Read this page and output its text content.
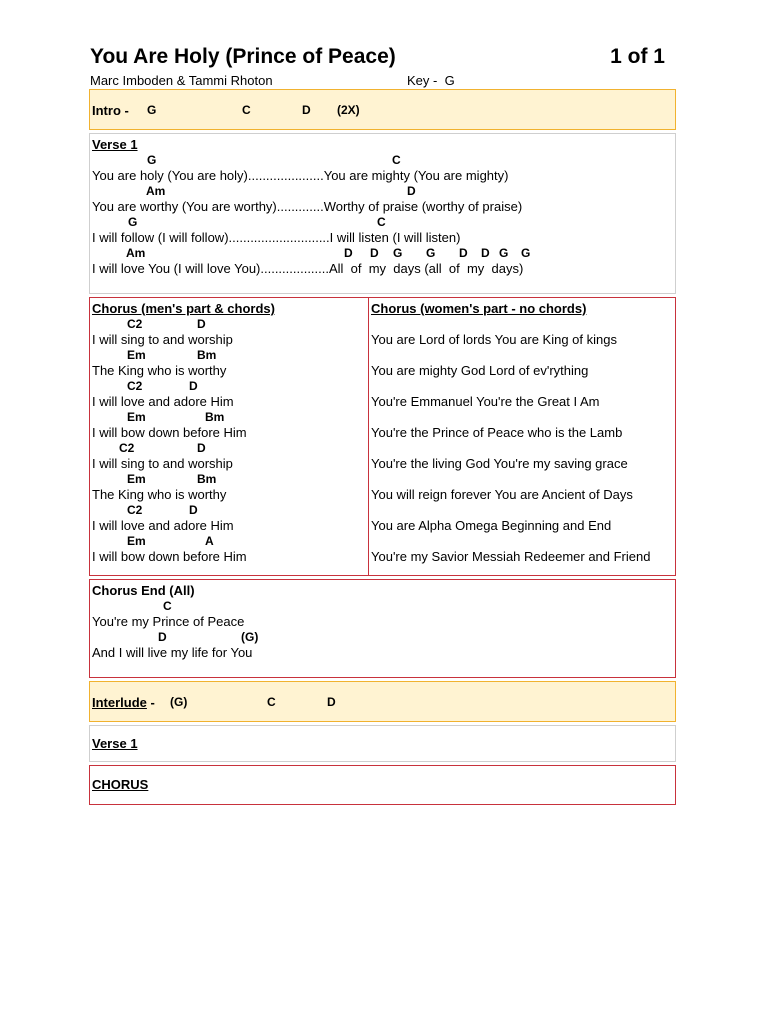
You Are Holy (Prince of Peace)	1 of 1
Marc Imboden & Tammi Rhoton	Key - G
Intro - G	C	D (2X)
Verse 1
G	C
You are holy (You are holy).....................You are mighty (You are mighty)
Am	D
You are worthy (You are worthy).............Worthy of praise (worthy of praise)
G	C
I will follow (I will follow)............................I will listen (I will listen)
Am	D D G G D D G G
I will love You (I will love You)...................All  of  my  days (all  of  my  days)
Chorus (men's part & chords)
C2	D
I will sing to and worship
Em	Bm
The King who is worthy
C2	D
I will love and adore Him
Em	Bm
I will bow down before Him
C2	D
I will sing to and worship
Em	Bm
The King who is worthy
C2	D
I will love and adore Him
Em	A
I will bow down before Him
Chorus (women's part - no chords)
You are Lord of lords You are King of kings
You are mighty God Lord of ev'rything
You're Emmanuel You're the Great I Am
You're the Prince of Peace who is the Lamb
You're the living God You're my saving grace
You will reign forever You are Ancient of Days
You are Alpha Omega Beginning and End
You're my Savior Messiah Redeemer and Friend
Chorus End (All)
C
You're my Prince of Peace
D	(G)
And I will live my life for You
Interlude - (G)	C	D
Verse 1
CHORUS
